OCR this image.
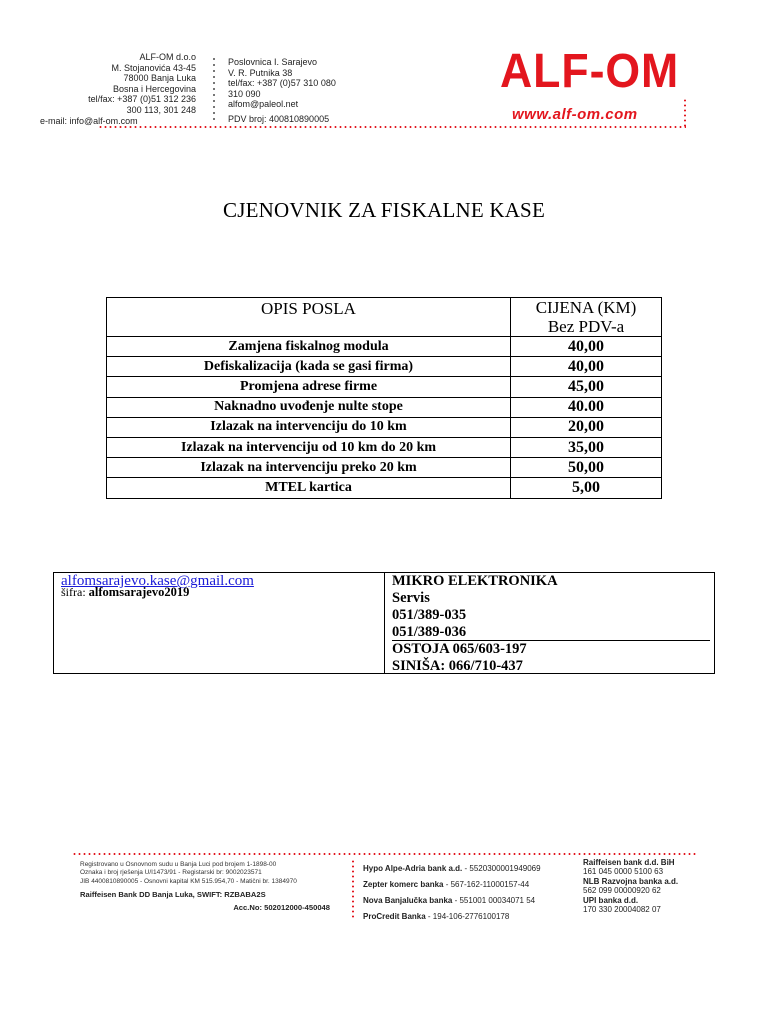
ALF-OM d.o.o
M. Stojanovića 43-45
78000 Banja Luka
Bosna i Hercegovina
tel/fax: +387 (0)51 312 236
300 113, 301 248
e-mail: info@alf-om.com
Poslovnica I. Sarajevo
V. R. Putnika 38
tel/fax: +387 (0)57 310 080
310 090
alfom@paleol.net
PDV broj: 400810890005
ALF-OM
www.alf-om.com
CJENOVNIK ZA FISKALNE KASE
OPIS POSLA	CIJENA (KM)
Bez PDV-a

Zamjena fiskalnog modula	40,00
Defiskalizacija (kada se gasi firma)	40,00
Promjena adrese firme	45,00
Naknadno uvođenje nulte stope	40.00
Izlazak na intervenciju do 10 km	20,00
Izlazak na intervenciju od 10 km do 20 km	35,00
Izlazak na intervenciju preko 20 km	50,00
MTEL kartica	5,00
alfomsarajevo.kase@gmail.com
šifra: alfomsarajevo2019
MIKRO ELEKTRONIKA
Servis
051/389-035
051/389-036
OSTOJA 065/603-197
SINIŠA: 066/710-437
Registrovano u Osnovnom sudu u Banja Luci pod brojem 1-1898-00
Oznaka i broj rješenja U/I1473/91 - Registarski br: 9002023571
JIB 4400810890005 - Osnovni kapital KM 515.954,70 - Matični br. 1384970
Raiffeisen Bank DD Banja Luka, SWIFT: RZBABA2S
Acc.No: 502012000-450048
Hypo Alpe-Adria bank a.d. - 5520300001949069
Zepter komerc banka - 567-162-11000157-44
Nova Banjalučka banka - 551001 00034071 54
ProCredit Banka - 194-106-2776100178
Raiffeisen bank d.d. BiH
161 045 0000 5100 63
NLB Razvojna banka a.d.
562 099 00000920 62
UPI banka d.d.
170 330 20004082 07
